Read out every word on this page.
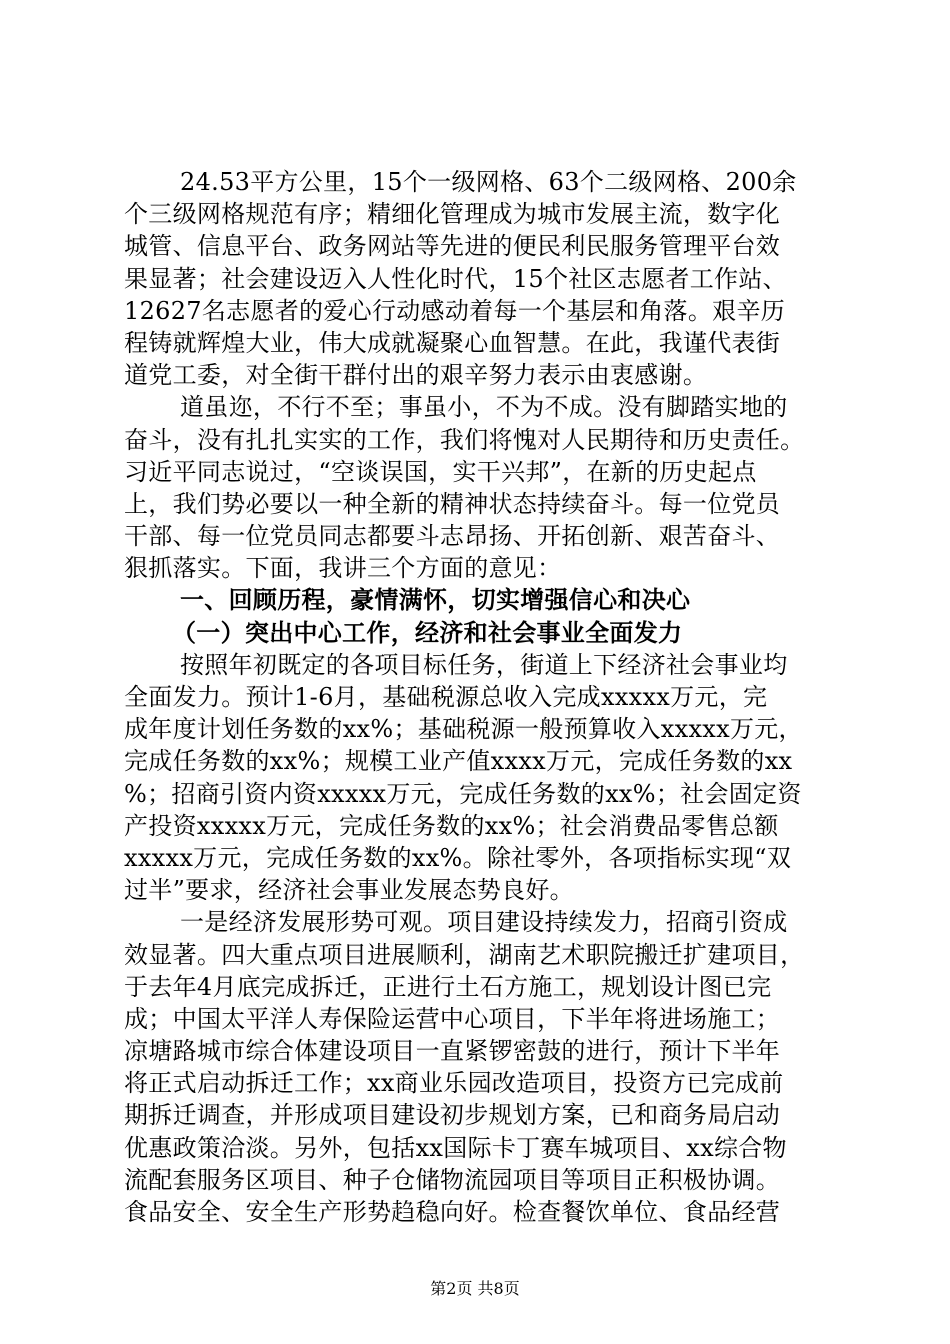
24.53平方公里，15个一级网格、63个二级网格、200余
个三级网格规范有序；精细化管理成为城市发展主流，数字化
城管、信息平台、政务网站等先进的便民利民服务管理平台效
果显著；社会建设迈入人性化时代，15个社区志愿者工作站、
12627名志愿者的爱心行动感动着每一个基层和角落。艰辛历
程铸就辉煌大业，伟大成就凝聚心血智慧。在此，我谨代表街
道党工委，对全街干群付出的艰辛努力表示由衷感谢。
道虽迩，不行不至；事虽小，不为不成。没有脚踏实地的
奋斗，没有扎扎实实的工作，我们将愧对人民期待和历史责任。
习近平同志说过，“空谈误国，实干兴邦”，在新的历史起点
上，我们势必要以一种全新的精神状态持续奋斗。每一位党员
干部、每一位党员同志都要斗志昂扬、开拓创新、艰苦奋斗、
狠抓落实。下面，我讲三个方面的意见：
一、回顾历程，豪情满怀，切实增强信心和决心
（一）突出中心工作，经济和社会事业全面发力
按照年初既定的各项目标任务，街道上下经济社会事业均
全面发力。预计1-6月，基础税源总收入完成xxxxx万元，完
成年度计划任务数的xx%；基础税源一般预算收入xxxxx万元，
完成任务数的xx%；规模工业产值xxxx万元，完成任务数的xx
%；招商引资内资xxxxx万元，完成任务数的xx%；社会固定资
产投资xxxxx万元，完成任务数的xx%；社会消费品零售总额
xxxxx万元，完成任务数的xx%。除社零外，各项指标实现“双
过半”要求，经济社会事业发展态势良好。
一是经济发展形势可观。项目建设持续发力，招商引资成
效显著。四大重点项目进展顺利，湖南艺术职院搬迁扩建项目，
于去年4月底完成拆迁，正进行土石方施工，规划设计图已完
成；中国太平洋人寿保险运营中心项目，下半年将进场施工；
凉塘路城市综合体建设项目一直紧锣密鼓的进行，预计下半年
将正式启动拆迁工作；xx商业乐园改造项目，投资方已完成前
期拆迁调查，并形成项目建设初步规划方案，已和商务局启动
优惠政策洽淡。另外，包括xx国际卡丁赛车城项目、xx综合物
流配套服务区项目、种子仓储物流园项目等项目正积极协调。
食品安全、安全生产形势趋稳向好。检查餐饮单位、食品经营
第2页 共8页
